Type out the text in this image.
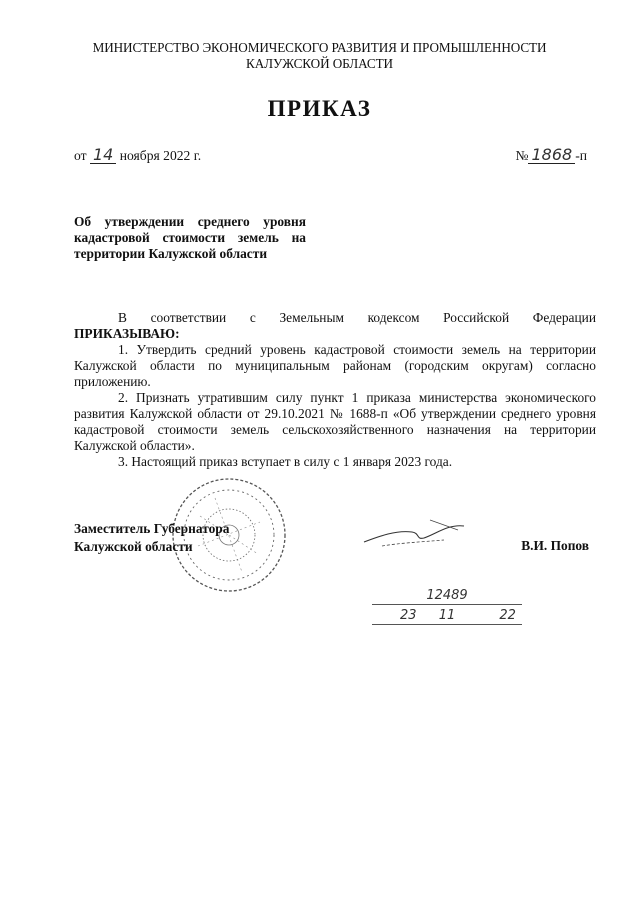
МИНИСТЕРСТВО ЭКОНОМИЧЕСКОГО РАЗВИТИЯ И ПРОМЫШЛЕННОСТИ
КАЛУЖСКОЙ ОБЛАСТИ
ПРИКАЗ
от 14 ноября 2022 г.	№ 1868 -п
Об утверждении среднего уровня кадастровой стоимости земель на территории Калужской области

В соответствии с Земельным кодексом Российской Федерации

ПРИКАЗЫВАЮ:

1. Утвердить средний уровень кадастровой стоимости земель на территории Калужской области по муниципальным районам (городским округам) согласно приложению.

2. Признать утратившим силу пункт 1 приказа министерства экономического развития Калужской области от 29.10.2021 № 1688-п «Об утверждении среднего уровня кадастровой стоимости земель сельскохозяйственного назначения на территории Калужской области».

3. Настоящий приказ вступает в силу с 1 января 2023 года.

Заместитель Губернатора
Калужской области	В.И. Попов
12489
23 11	22
